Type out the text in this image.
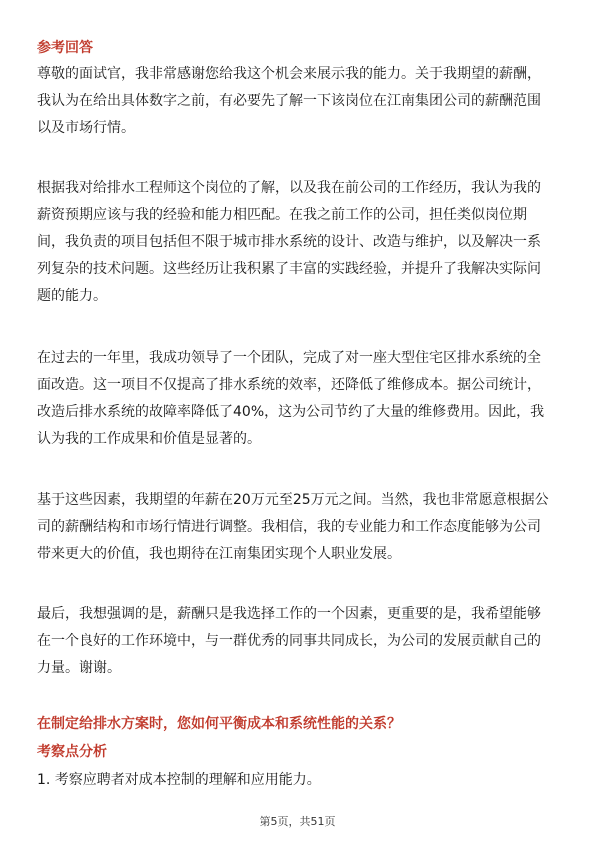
参考回答
尊敬的面试官，我非常感谢您给我这个机会来展示我的能力。关于我期望的薪酬，
我认为在给出具体数字之前，有必要先了解一下该岗位在江南集团公司的薪酬范围
以及市场行情。
根据我对给排水工程师这个岗位的了解，以及我在前公司的工作经历，我认为我的
薪资预期应该与我的经验和能力相匹配。在我之前工作的公司，担任类似岗位期
间，我负责的项目包括但不限于城市排水系统的设计、改造与维护，以及解决一系
列复杂的技术问题。这些经历让我积累了丰富的实践经验，并提升了我解决实际问
题的能力。
在过去的一年里，我成功领导了一个团队，完成了对一座大型住宅区排水系统的全
面改造。这一项目不仅提高了排水系统的效率，还降低了维修成本。据公司统计，
改造后排水系统的故障率降低了40%，这为公司节约了大量的维修费用。因此，我
认为我的工作成果和价值是显著的。
基于这些因素，我期望的年薪在20万元至25万元之间。当然，我也非常愿意根据公
司的薪酬结构和市场行情进行调整。我相信，我的专业能力和工作态度能够为公司
带来更大的价值，我也期待在江南集团实现个人职业发展。
最后，我想强调的是，薪酬只是我选择工作的一个因素，更重要的是，我希望能够
在一个良好的工作环境中，与一群优秀的同事共同成长，为公司的发展贡献自己的
力量。谢谢。
在制定给排水方案时，您如何平衡成本和系统性能的关系？
考察点分析
1. 考察应聘者对成本控制的理解和应用能力。
第5页，共51页
